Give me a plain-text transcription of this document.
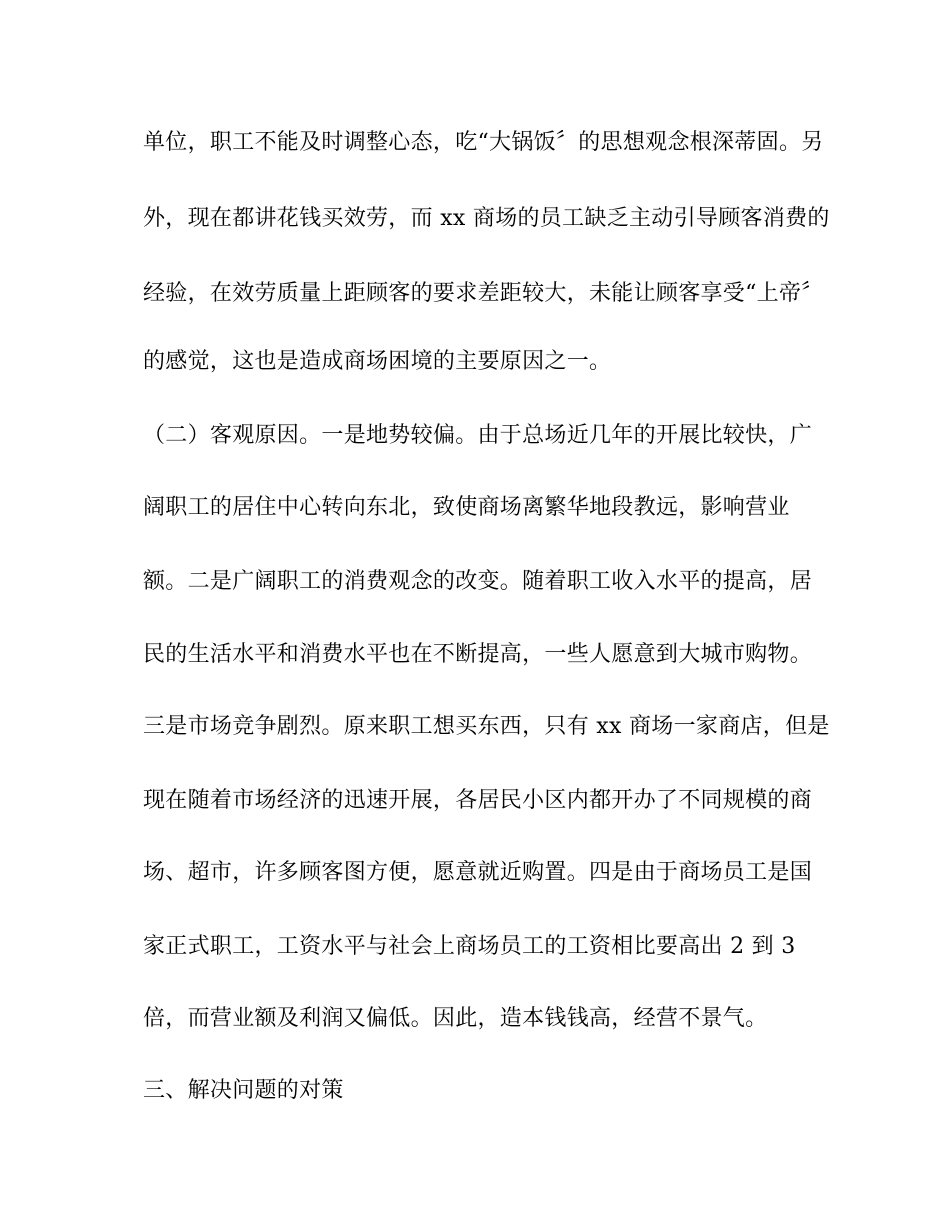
单位，职工不能及时调整心态，吃“大锅饭〞的思想观念根深蒂固。另
外，现在都讲花钱买效劳，而 xx 商场的员工缺乏主动引导顾客消费的
经验，在效劳质量上距顾客的要求差距较大，未能让顾客享受“上帝〞
的感觉，这也是造成商场困境的主要原因之一。
（二）客观原因。一是地势较偏。由于总场近几年的开展比较快，广
阔职工的居住中心转向东北，致使商场离繁华地段教远，影响营业
额。二是广阔职工的消费观念的改变。随着职工收入水平的提高，居
民的生活水平和消费水平也在不断提高，一些人愿意到大城市购物。
三是市场竞争剧烈。原来职工想买东西，只有 xx 商场一家商店，但是
现在随着市场经济的迅速开展，各居民小区内都开办了不同规模的商
场、超市，许多顾客图方便，愿意就近购置。四是由于商场员工是国
家正式职工，工资水平与社会上商场员工的工资相比要高出 2 到 3
倍，而营业额及利润又偏低。因此，造本钱钱高，经营不景气。
三、解决问题的对策
